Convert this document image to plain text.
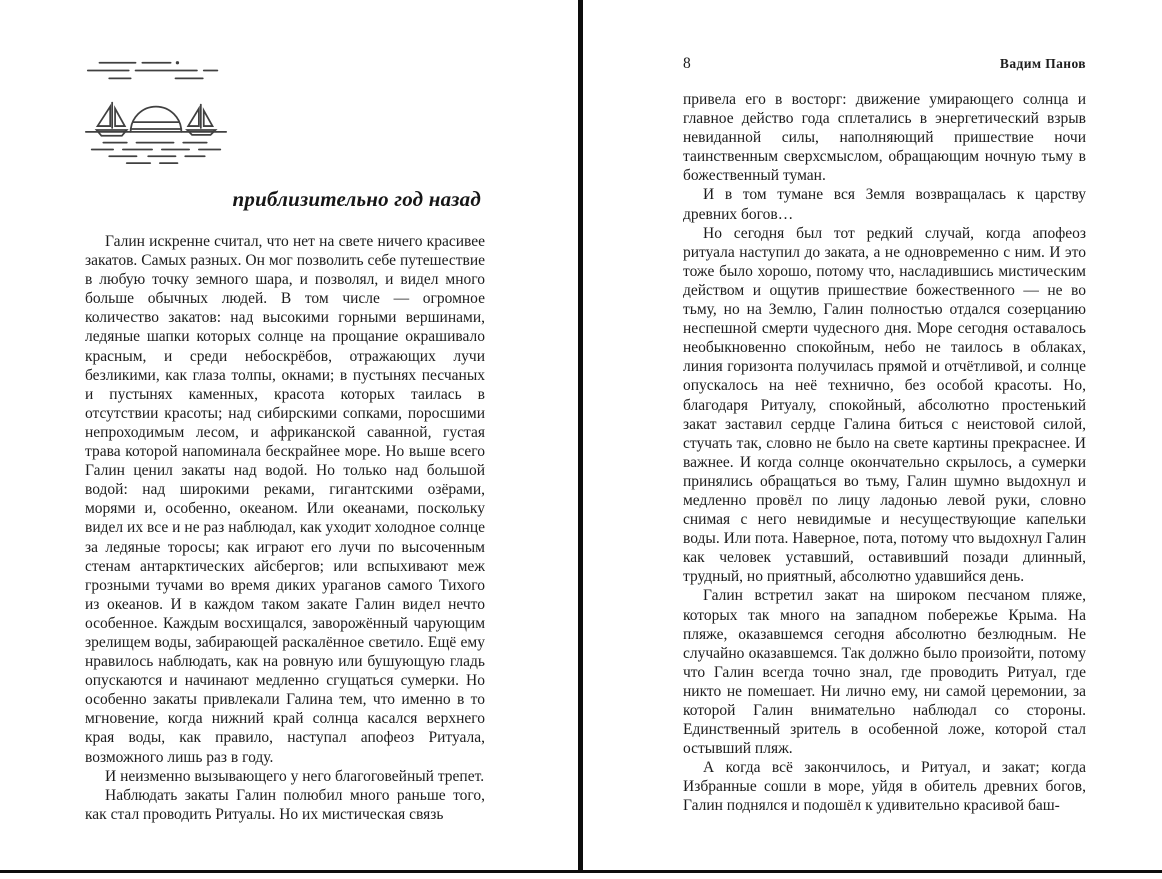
приблизительно год назад

Галин искренне считал, что нет на свете ничего красивее закатов. Самых разных. Он мог позволить себе путешествие в любую точку земного шара, и позволял, и видел много больше обычных людей. В том числе — огромное количество закатов: над высокими горными вершинами, ледяные шапки которых солнце на прощание окрашивало красным, и среди небоскрёбов, отражающих лучи безликими, как глаза толпы, окнами; в пустынях песчаных и пустынях каменных, красота которых таилась в отсутствии красоты; над сибирскими сопками, поросшими непроходимым лесом, и африканской саванной, густая трава которой напоминала бескрайнее море. Но выше всего Галин ценил закаты над водой. Но только над большой водой: над широкими реками, гигантскими озёрами, морями и, особенно, океаном. Или океанами, поскольку видел их все и не раз наблюдал, как уходит холодное солнце за ледяные торосы; как играют его лучи по высоченным стенам антарктических айсбергов; или вспыхивают меж грозными тучами во время диких ураганов самого Тихого из океанов. И в каждом таком закате Галин видел нечто особенное. Каждым восхищался, заворожённый чарующим зрелищем воды, забирающей раскалённое светило. Ещё ему нравилось наблюдать, как на ровную или бушующую гладь опускаются и начинают медленно сгущаться сумерки. Но особенно закаты привлекали Галина тем, что именно в то мгновение, когда нижний край солнца касался верхнего края воды, как правило, наступал апофеоз Ритуала, возможного лишь раз в году.

И неизменно вызывающего у него благоговейный трепет.

Наблюдать закаты Галин полюбил много раньше того, как стал проводить Ритуалы. Но их мистическая связь

8	Вадим Панов

привела его в восторг: движение умирающего солнца и главное действо года сплетались в энергетический взрыв невиданной силы, наполняющий пришествие ночи таинственным сверхсмыслом, обращающим ночную тьму в божественный туман.

И в том тумане вся Земля возвращалась к царству древних богов…

Но сегодня был тот редкий случай, когда апофеоз ритуала наступил до заката, а не одновременно с ним. И это тоже было хорошо, потому что, насладившись мистическим действом и ощутив пришествие божественного — не во тьму, но на Землю, Галин полностью отдался созерцанию неспешной смерти чудесного дня. Море сегодня оставалось необыкновенно спокойным, небо не таилось в облаках, линия горизонта получилась прямой и отчётливой, и солнце опускалось на неё технично, без особой красоты. Но, благодаря Ритуалу, спокойный, абсолютно простенький закат заставил сердце Галина биться с неистовой силой, стучать так, словно не было на свете картины прекраснее. И важнее. И когда солнце окончательно скрылось, а сумерки принялись обращаться во тьму, Галин шумно выдохнул и медленно провёл по лицу ладонью левой руки, словно снимая с него невидимые и несуществующие капельки воды. Или пота. Наверное, пота, потому что выдохнул Галин как человек уставший, оставивший позади длинный, трудный, но приятный, абсолютно удавшийся день.

Галин встретил закат на широком песчаном пляже, которых так много на западном побережье Крыма. На пляже, оказавшемся сегодня абсолютно безлюдным. Не случайно оказавшемся. Так должно было произойти, потому что Галин всегда точно знал, где проводить Ритуал, где никто не помешает. Ни лично ему, ни самой церемонии, за которой Галин внимательно наблюдал со стороны. Единственный зритель в особенной ложе, которой стал остывший пляж.

А когда всё закончилось, и Ритуал, и закат; когда Избранные сошли в море, уйдя в обитель древних богов, Галин поднялся и подошёл к удивительно красивой баш-
